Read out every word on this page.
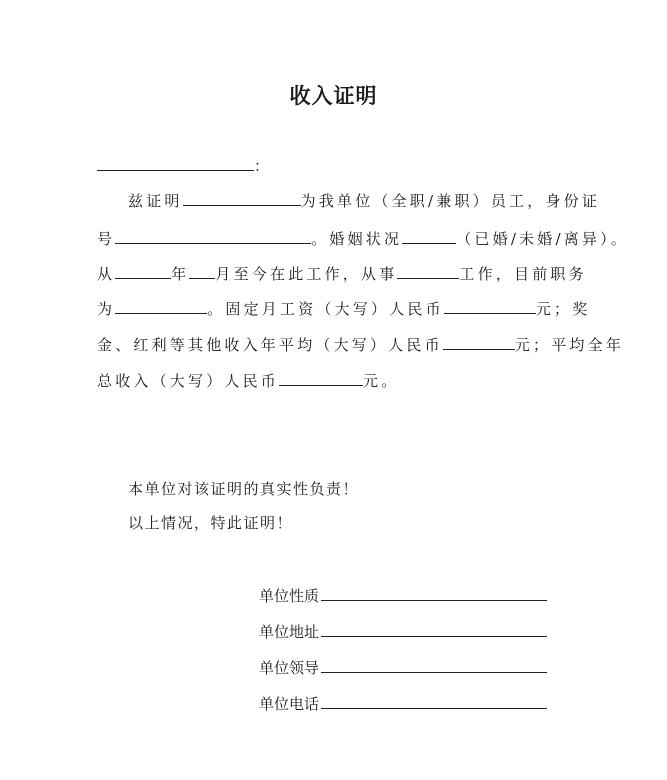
收入证明
：
兹证明	为我单位（全职/兼职）员工，身份证
号	。婚姻状况	（已婚/未婚/离异）。
从	年 月至今在此工作，从事	工作，目前职务
为	。固定月工资（大写）人民币	元；奖
金、红利等其他收入年平均（大写）人民币	元；平均全年
总收入（大写）人民币	元。
本单位对该证明的真实性负责！
以上情况，特此证明！
单位性质
单位地址
单位领导
单位电话
